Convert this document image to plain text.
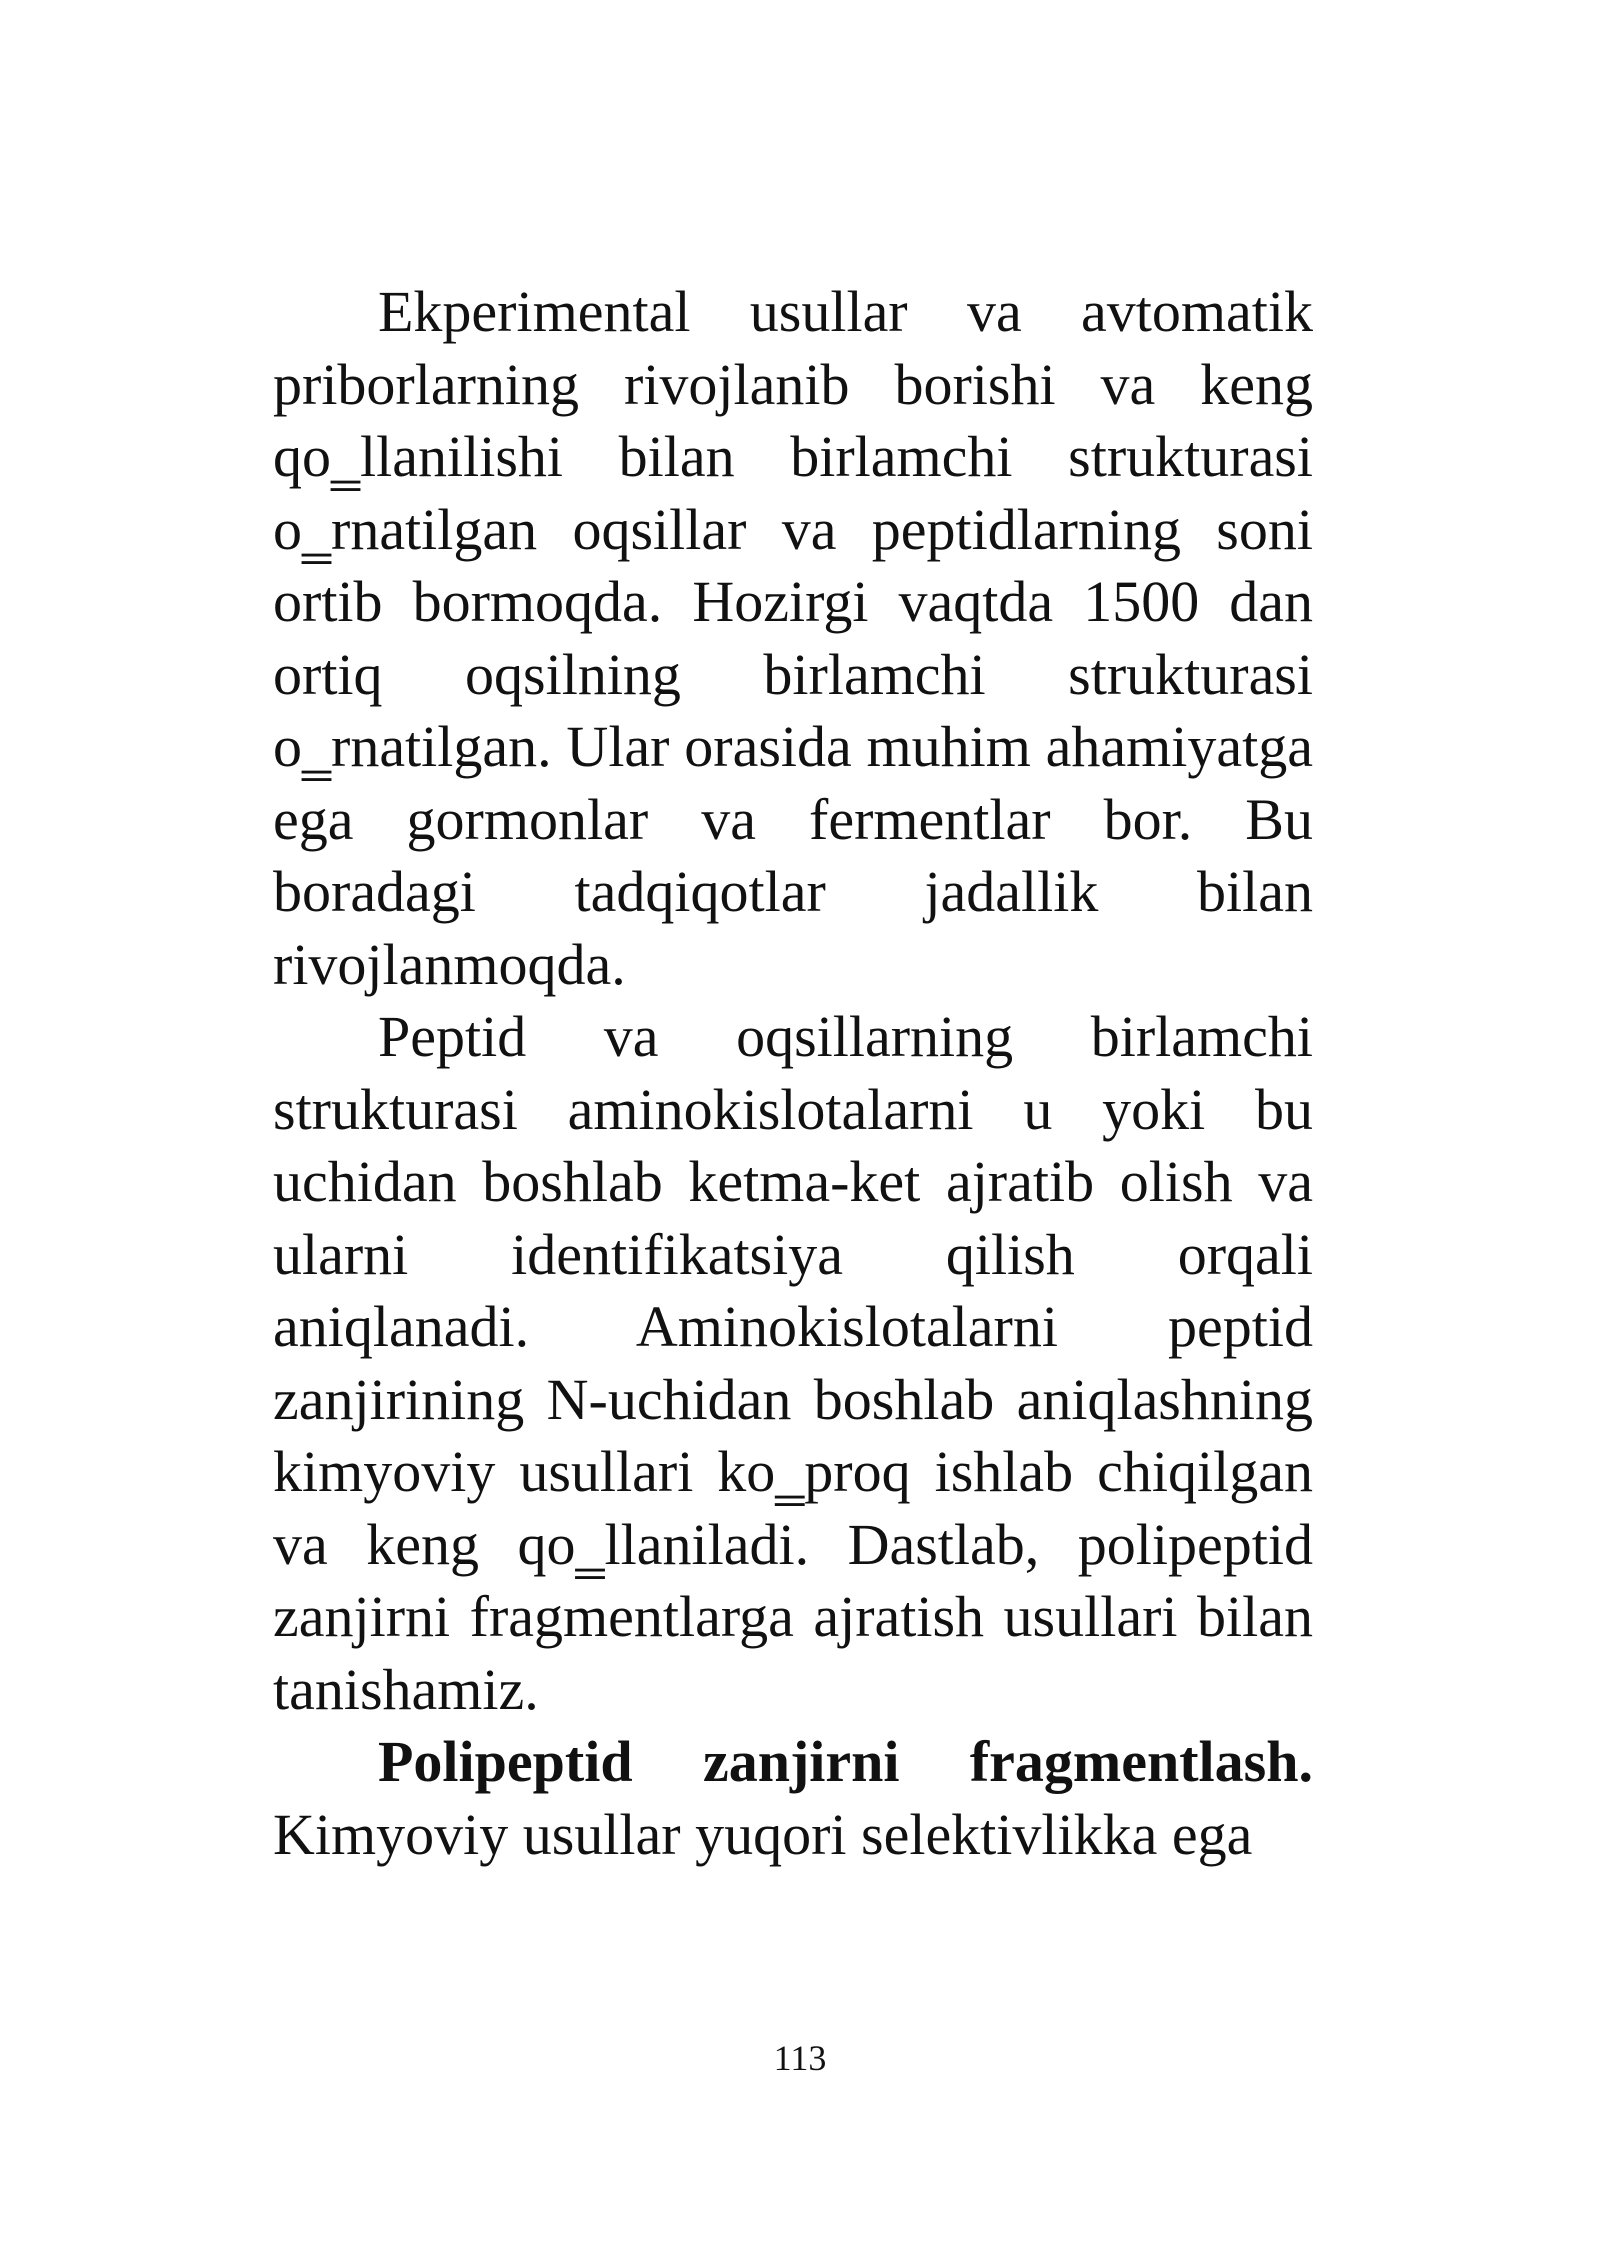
Ekperimental usullar va avtomatik priborlarning rivojlanib borishi va keng qo‗llanilishi bilan birlamchi strukturasi o‗rnatilgan oqsillar va peptidlarning soni ortib bormoqda. Hozirgi vaqtda 1500 dan ortiq oqsilning birlamchi strukturasi o‗rnatilgan. Ular orasida muhim ahamiyatga ega gormonlar va fermentlar bor. Bu boradagi tadqiqotlar jadallik bilan rivojlanmoqda.

Peptid va oqsillarning birlamchi strukturasi aminokislotalarni u yoki bu uchidan boshlab ketma-ket ajratib olish va ularni identifikatsiya qilish orqali aniqlanadi. Aminokislotalarni peptid zanjirining N-uchidan boshlab aniqlashning kimyoviy usullari ko‗proq ishlab chiqilgan va keng qo‗llaniladi. Dastlab, polipeptid zanjirni fragmentlarga ajratish usullari bilan tanishamiz.

Polipeptid zanjirni fragmentlash. Kimyoviy usullar yuqori selektivlikka ega

113
